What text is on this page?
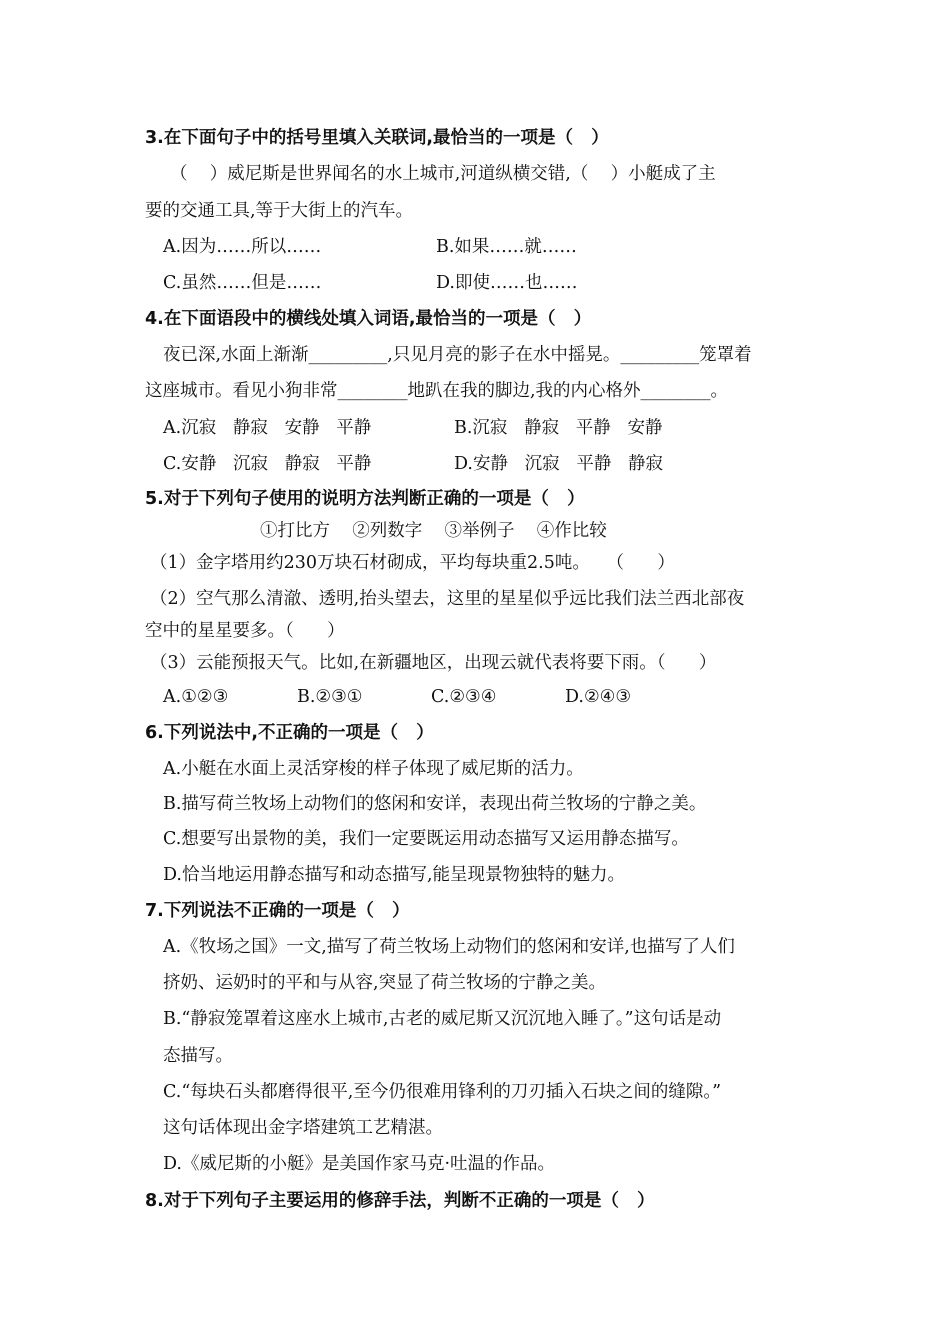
3.在下面句子中的括号里填入关联词,最恰当的一项是（   ）
（    ）威尼斯是世界闻名的水上城市,河道纵横交错,（    ）小艇成了主
要的交通工具,等于大街上的汽车。
A.因为……所以……	B.如果……就……
C.虽然……但是……	D.即使……也……
4.在下面语段中的横线处填入词语,最恰当的一项是（   ）
夜已深,水面上渐渐_________,只见月亮的影子在水中摇晃。_________笼罩着
这座城市。看见小狗非常________地趴在我的脚边,我的内心格外________。
A.沉寂   静寂   安静   平静	B.沉寂   静寂   平静   安静
C.安静   沉寂   静寂   平静	D.安静   沉寂   平静   静寂
5.对于下列句子使用的说明方法判断正确的一项是（   ）
①打比方    ②列数字    ③举例子    ④作比较
（1）金字塔用约230万块石材砌成，平均每块重2.5吨。   （      ）
（2）空气那么清澈、透明,抬头望去，这里的星星似乎远比我们法兰西北部夜
空中的星星要多。（      ）
（3）云能预报天气。比如,在新疆地区，出现云就代表将要下雨。（      ）
A.①②③	B.②③①	C.②③④	D.②④③
6.下列说法中,不正确的一项是（   ）
A.小艇在水面上灵活穿梭的样子体现了威尼斯的活力。
B.描写荷兰牧场上动物们的悠闲和安详，表现出荷兰牧场的宁静之美。
C.想要写出景物的美，我们一定要既运用动态描写又运用静态描写。
D.恰当地运用静态描写和动态描写,能呈现景物独特的魅力。
7.下列说法不正确的一项是（   ）
A.《牧场之国》一文,描写了荷兰牧场上动物们的悠闲和安详,也描写了人们
挤奶、运奶时的平和与从容,突显了荷兰牧场的宁静之美。
B.“静寂笼罩着这座水上城市,古老的威尼斯又沉沉地入睡了。”这句话是动
态描写。
C.“每块石头都磨得很平,至今仍很难用锋利的刀刃插入石块之间的缝隙。”
这句话体现出金字塔建筑工艺精湛。
D.《威尼斯的小艇》是美国作家马克·吐温的作品。
8.对于下列句子主要运用的修辞手法，判断不正确的一项是（   ）
